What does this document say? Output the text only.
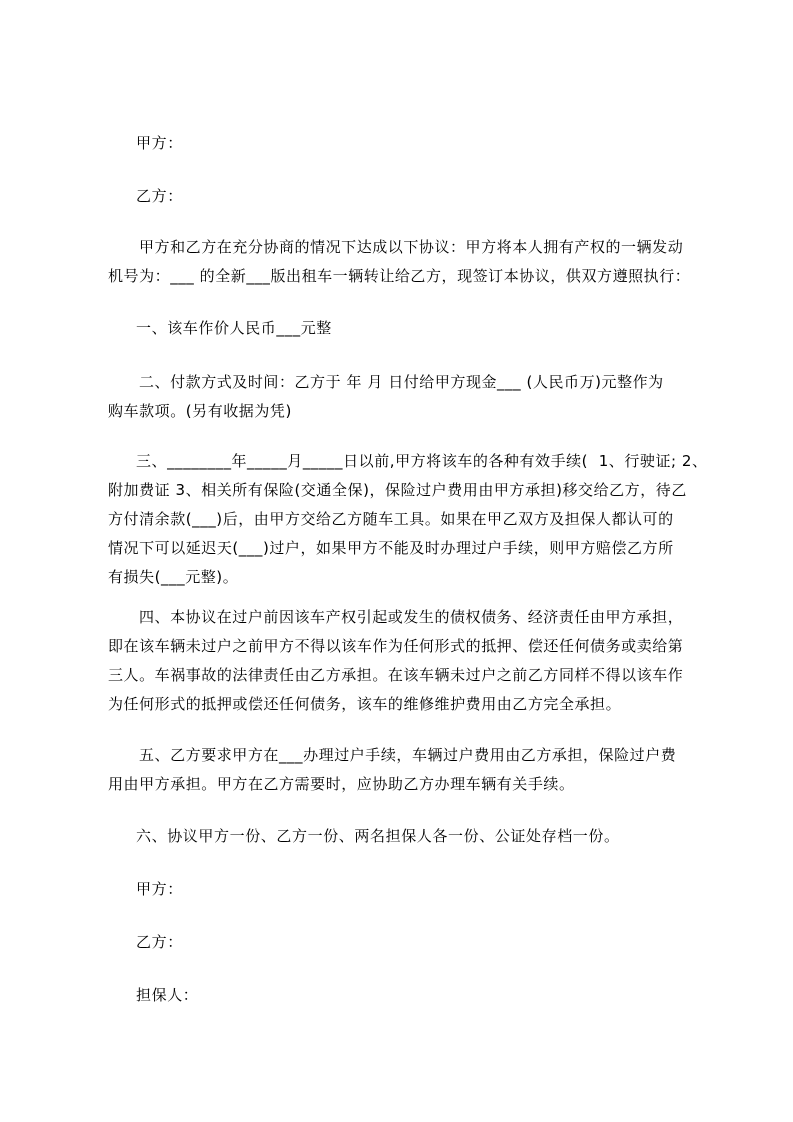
甲方：
乙方：
甲方和乙方在充分协商的情况下达成以下协议：甲方将本人拥有产权的一辆发动
机号为：___ 的全新___版出租车一辆转让给乙方，现签订本协议，供双方遵照执行：
一、该车作价人民币___元整
二、付款方式及时间：乙方于 年 月 日付给甲方现金___ (人民币万)元整作为
购车款项。(另有收据为凭)
三、________年_____月_____日以前,甲方将该车的各种有效手续(  1、行驶证; 2、
附加费证 3、相关所有保险(交通全保)，保险过户费用由甲方承担)移交给乙方，待乙
方付清余款(___)后，由甲方交给乙方随车工具。如果在甲乙双方及担保人都认可的
情况下可以延迟天(___)过户，如果甲方不能及时办理过户手续，则甲方赔偿乙方所
有损失(___元整)。
四、本协议在过户前因该车产权引起或发生的债权债务、经济责任由甲方承担，
即在该车辆未过户之前甲方不得以该车作为任何形式的抵押、偿还任何债务或卖给第
三人。车祸事故的法律责任由乙方承担。在该车辆未过户之前乙方同样不得以该车作
为任何形式的抵押或偿还任何债务，该车的维修维护费用由乙方完全承担。
五、乙方要求甲方在___办理过户手续，车辆过户费用由乙方承担，保险过户费
用由甲方承担。甲方在乙方需要时，应协助乙方办理车辆有关手续。
六、协议甲方一份、乙方一份、两名担保人各一份、公证处存档一份。
甲方：
乙方：
担保人：
